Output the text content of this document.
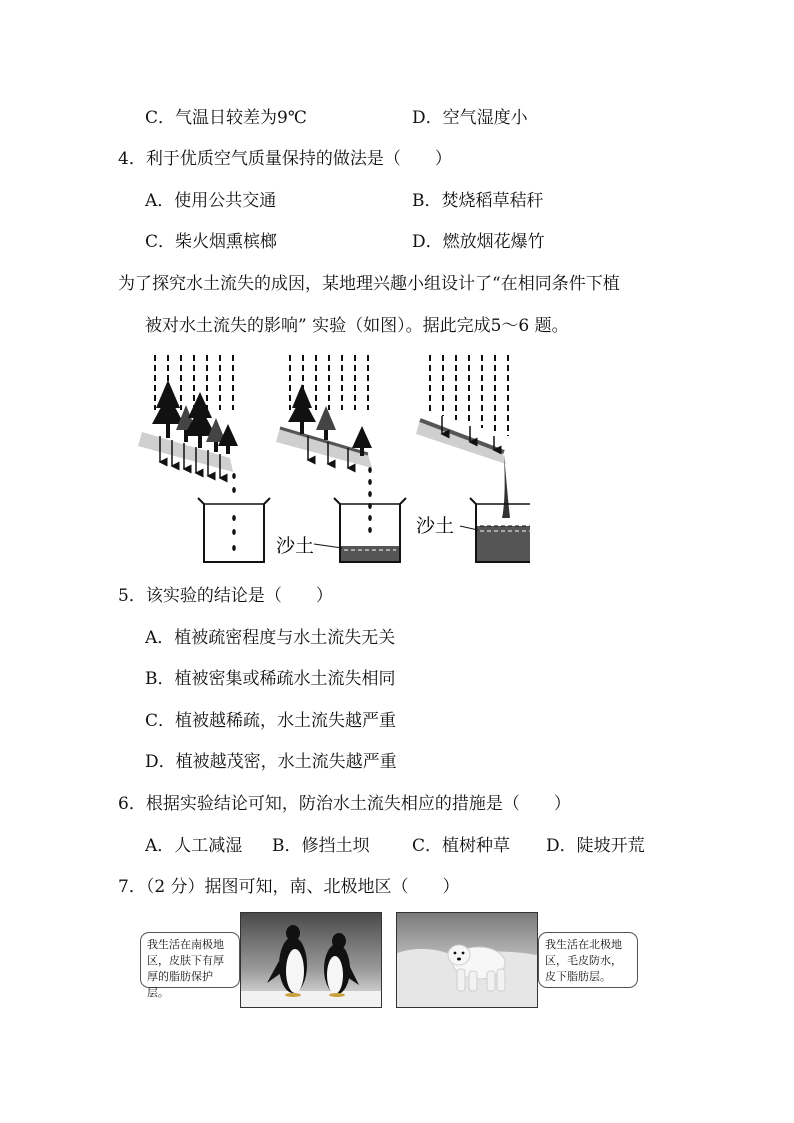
C．气温日较差为9℃	D．空气湿度小
4．利于优质空气质量保持的做法是（　　）
A．使用公共交通	B．焚烧稻草秸秆
C．柴火烟熏槟榔	D．燃放烟花爆竹
为了探究水土流失的成因，某地理兴趣小组设计了“在相同条件下植
被对水土流失的影响” 实验（如图）。据此完成5～6 题。
沙土
沙土
5．该实验的结论是（　　）
A．植被疏密程度与水土流失无关
B．植被密集或稀疏水土流失相同
C．植被越稀疏，水土流失越严重
D．植被越茂密，水土流失越严重
6．根据实验结论可知，防治水土流失相应的措施是（　　）
A．人工减湿 B．修挡土坝	C．植树种草 D．陡坡开荒
7．（2 分）据图可知，南、北极地区（　　）
我生活在南极地区，皮肤下有厚厚的脂肪保护层。
我生活在北极地区，毛皮防水，皮下脂肪层。
